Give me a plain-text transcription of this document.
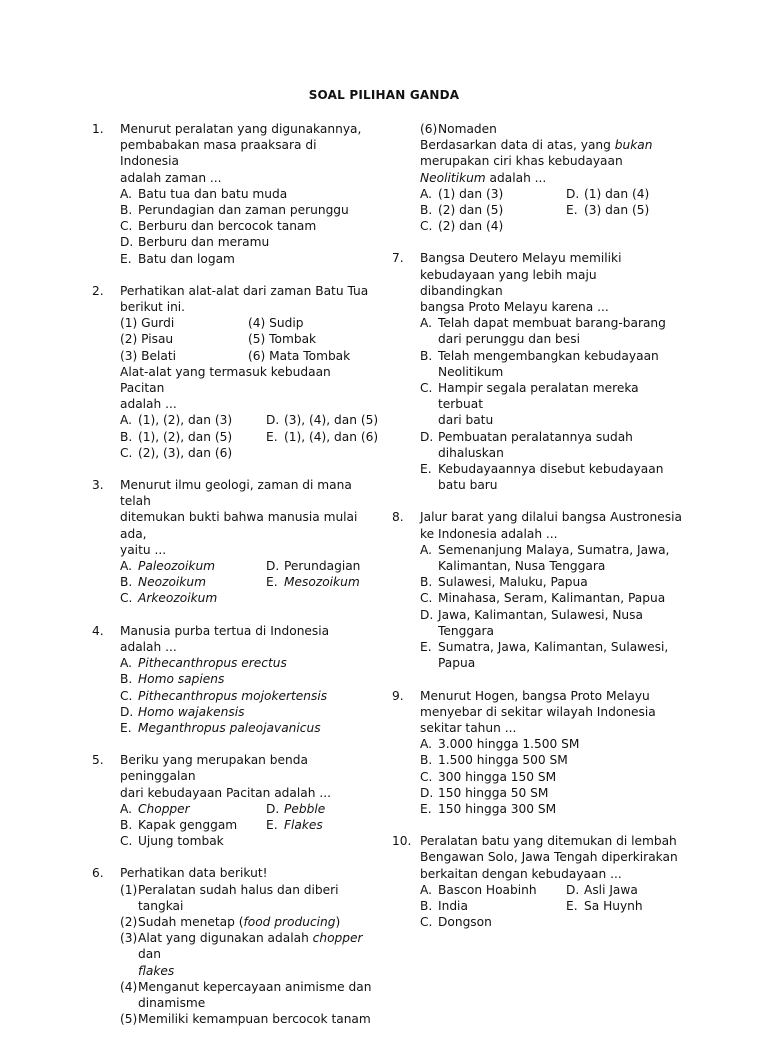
SOAL PILIHAN GANDA
1. Menurut peralatan yang digunakannya,
pembabakan masa praaksara di Indonesia
adalah zaman ...
A. Batu tua dan batu muda
B. Perundagian dan zaman perunggu
C. Berburu dan bercocok tanam
D. Berburu dan meramu
E. Batu dan logam
2. Perhatikan alat-alat dari zaman Batu Tua
berikut ini.
(1) Gurdi	(4) Sudip
(2) Pisau	(5) Tombak
(3) Belati	(6) Mata Tombak
Alat-alat yang termasuk kebudaan Pacitan
adalah ...
A. (1), (2), dan (3)	D. (3), (4), dan (5)
B. (1), (2), dan (5)	E. (1), (4), dan (6)
C. (2), (3), dan (6)
3. Menurut ilmu geologi, zaman di mana telah
ditemukan bukti bahwa manusia mulai ada,
yaitu ...
A. Paleozoikum	D. Perundagian
B. Neozoikum	E. Mesozoikum
C. Arkeozoikum
4. Manusia purba tertua di Indonesia
adalah ...
A. Pithecanthropus erectus
B. Homo sapiens
C. Pithecanthropus mojokertensis
D. Homo wajakensis
E. Meganthropus paleojavanicus
5. Beriku yang merupakan benda peninggalan
dari kebudayaan Pacitan adalah ...
A. Chopper	D. Pebble
B. Kapak genggam	E. Flakes
C. Ujung tombak
6. Perhatikan data berikut!
(1) Peralatan sudah halus dan diberi tangkai
(2) Sudah menetap (food producing)
(3) Alat yang digunakan adalah chopper dan
flakes
(4) Menganut kepercayaan animisme dan
dinamisme
(5) Memiliki kemampuan bercocok tanam
(6) Nomaden
Berdasarkan data di atas, yang bukan
merupakan ciri khas kebudayaan
Neolitikum adalah ...
A. (1) dan (3)	D. (1) dan (4)
B. (2) dan (5)	E. (3) dan (5)
C. (2) dan (4)
7. Bangsa Deutero Melayu memiliki
kebudayaan yang lebih maju dibandingkan
bangsa Proto Melayu karena ...
A. Telah dapat membuat barang-barang
dari perunggu dan besi
B. Telah mengembangkan kebudayaan
Neolitikum
C. Hampir segala peralatan mereka terbuat
dari batu
D. Pembuatan peralatannya sudah
dihaluskan
E. Kebudayaannya disebut kebudayaan
batu baru
8. Jalur barat yang dilalui bangsa Austronesia
ke Indonesia adalah ...
A. Semenanjung Malaya, Sumatra, Jawa,
Kalimantan, Nusa Tenggara
B. Sulawesi, Maluku, Papua
C. Minahasa, Seram, Kalimantan, Papua
D. Jawa, Kalimantan, Sulawesi, Nusa
Tenggara
E. Sumatra, Jawa, Kalimantan, Sulawesi,
Papua
9. Menurut Hogen, bangsa Proto Melayu
menyebar di sekitar wilayah Indonesia
sekitar tahun ...
A. 3.000 hingga 1.500 SM
B. 1.500 hingga 500 SM
C. 300 hingga 150 SM
D. 150 hingga 50 SM
E. 150 hingga 300 SM
10. Peralatan batu yang ditemukan di lembah
Bengawan Solo, Jawa Tengah diperkirakan
berkaitan dengan kebudayaan ...
A. Bascon Hoabinh	D. Asli Jawa
B. India	E. Sa Huynh
C. Dongson
